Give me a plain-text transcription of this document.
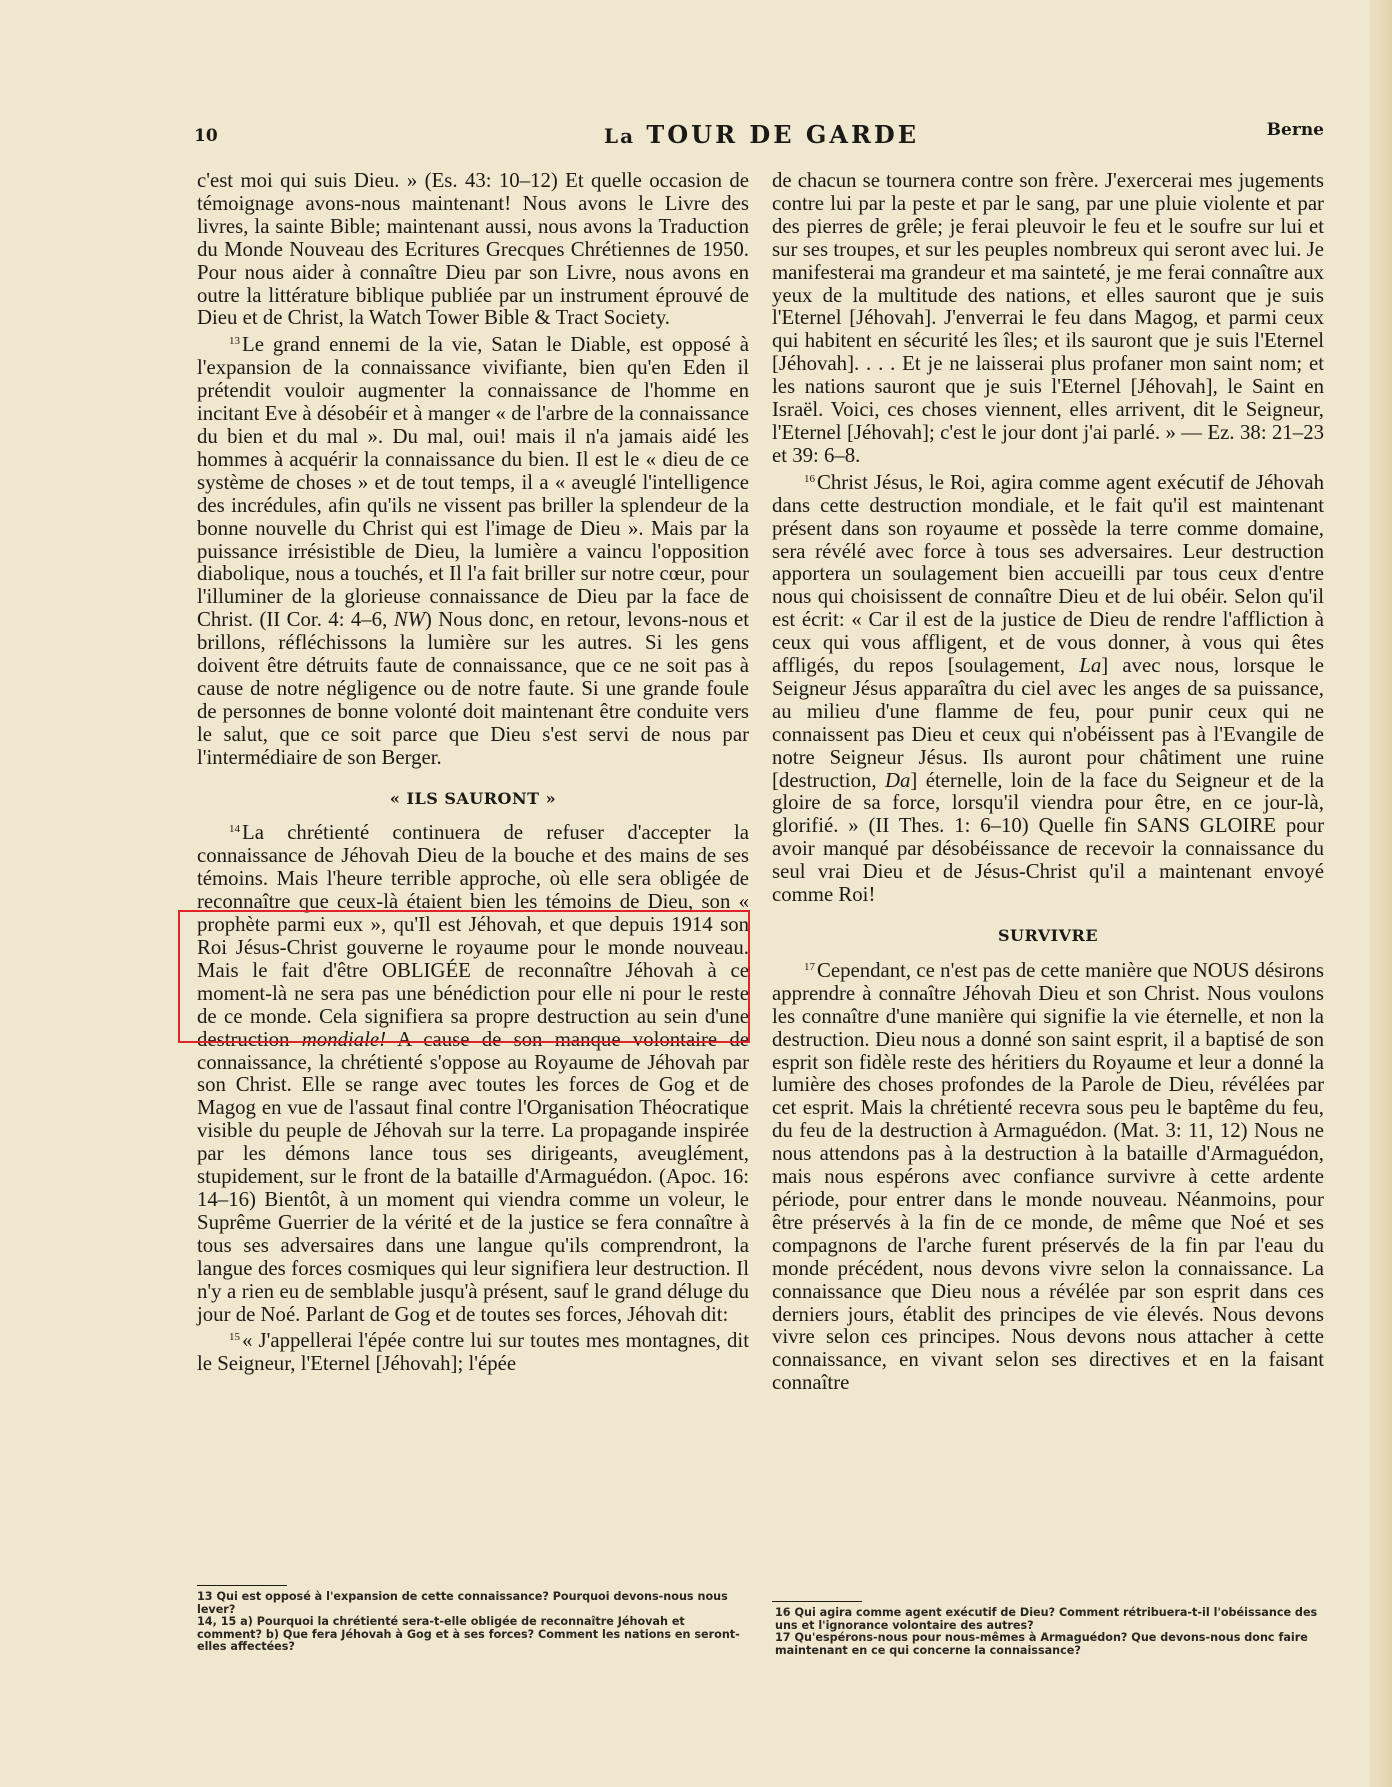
10	La TOUR DE GARDE	Berne

c'est moi qui suis Dieu. » (Es. 43: 10–12) Et quelle occasion de témoignage avons-nous maintenant! Nous avons le Livre des livres, la sainte Bible; maintenant aussi, nous avons la Traduction du Monde Nouveau des Ecritures Grecques Chrétiennes de 1950. Pour nous aider à connaître Dieu par son Livre, nous avons en outre la littérature biblique publiée par un instrument éprouvé de Dieu et de Christ, la Watch Tower Bible & Tract Society.

$^{13}$Le grand ennemi de la vie, Satan le Diable, est opposé à l'expansion de la connaissance vivifiante, bien qu'en Eden il prétendit vouloir augmenter la connaissance de l'homme en incitant Eve à désobéir et à manger « de l'arbre de la connaissance du bien et du mal ». Du mal, oui! mais il n'a jamais aidé les hommes à acquérir la connaissance du bien. Il est le « dieu de ce système de choses » et de tout temps, il a « aveuglé l'intelligence des incrédules, afin qu'ils ne vissent pas briller la splendeur de la bonne nouvelle du Christ qui est l'image de Dieu ». Mais par la puissance irrésistible de Dieu, la lumière a vaincu l'opposition diabolique, nous a touchés, et Il l'a fait briller sur notre cœur, pour l'illuminer de la glorieuse connaissance de Dieu par la face de Christ. (II Cor. 4: 4–6, NW) Nous donc, en retour, levons-nous et brillons, réfléchissons la lumière sur les autres. Si les gens doivent être détruits faute de connaissance, que ce ne soit pas à cause de notre négligence ou de notre faute. Si une grande foule de personnes de bonne volonté doit maintenant être conduite vers le salut, que ce soit parce que Dieu s'est servi de nous par l'intermédiaire de son Berger.

« ILS SAURONT »

$^{14}$La chrétienté continuera de refuser d'accepter la connaissance de Jéhovah Dieu de la bouche et des mains de ses témoins. Mais l'heure terrible approche, où elle sera obligée de reconnaître que ceux-là étaient bien les témoins de Dieu, son « prophète parmi eux », qu'Il est Jéhovah, et que depuis 1914 son Roi Jésus-Christ gouverne le royaume pour le monde nouveau. Mais le fait d'être OBLIGÉE de reconnaître Jéhovah à ce moment-là ne sera pas une bénédiction pour elle ni pour le reste de ce monde. Cela signifiera sa propre destruction au sein d'une destruction mondiale! A cause de son manque volontaire de connaissance, la chrétienté s'oppose au Royaume de Jéhovah par son Christ. Elle se range avec toutes les forces de Gog et de Magog en vue de l'assaut final contre l'Organisation Théocratique visible du peuple de Jéhovah sur la terre. La propagande inspirée par les démons lance tous ses dirigeants, aveuglément, stupidement, sur le front de la bataille d'Armaguédon. (Apoc. 16: 14–16) Bientôt, à un moment qui viendra comme un voleur, le Suprême Guerrier de la vérité et de la justice se fera connaître à tous ses adversaires dans une langue qu'ils comprendront, la langue des forces cosmiques qui leur signifiera leur destruction. Il n'y a rien eu de semblable jusqu'à présent, sauf le grand déluge du jour de Noé. Parlant de Gog et de toutes ses forces, Jéhovah dit:

$^{15}$« J'appellerai l'épée contre lui sur toutes mes montagnes, dit le Seigneur, l'Eternel [Jéhovah]; l'épée

de chacun se tournera contre son frère. J'exercerai mes jugements contre lui par la peste et par le sang, par une pluie violente et par des pierres de grêle; je ferai pleuvoir le feu et le soufre sur lui et sur ses troupes, et sur les peuples nombreux qui seront avec lui. Je manifesterai ma grandeur et ma sainteté, je me ferai connaître aux yeux de la multitude des nations, et elles sauront que je suis l'Eternel [Jéhovah]. J'enverrai le feu dans Magog, et parmi ceux qui habitent en sécurité les îles; et ils sauront que je suis l'Eternel [Jéhovah]. . . . Et je ne laisserai plus profaner mon saint nom; et les nations sauront que je suis l'Eternel [Jéhovah], le Saint en Israël. Voici, ces choses viennent, elles arrivent, dit le Seigneur, l'Eternel [Jéhovah]; c'est le jour dont j'ai parlé. » — Ez. 38: 21–23 et 39: 6–8.

$^{16}$Christ Jésus, le Roi, agira comme agent exécutif de Jéhovah dans cette destruction mondiale, et le fait qu'il est maintenant présent dans son royaume et possède la terre comme domaine, sera révélé avec force à tous ses adversaires. Leur destruction apportera un soulagement bien accueilli par tous ceux d'entre nous qui choisissent de connaître Dieu et de lui obéir. Selon qu'il est écrit: « Car il est de la justice de Dieu de rendre l'affliction à ceux qui vous affligent, et de vous donner, à vous qui êtes affligés, du repos [soulagement, La] avec nous, lorsque le Seigneur Jésus apparaîtra du ciel avec les anges de sa puissance, au milieu d'une flamme de feu, pour punir ceux qui ne connaissent pas Dieu et ceux qui n'obéissent pas à l'Evangile de notre Seigneur Jésus. Ils auront pour châtiment une ruine [destruction, Da] éternelle, loin de la face du Seigneur et de la gloire de sa force, lorsqu'il viendra pour être, en ce jour-là, glorifié. » (II Thes. 1: 6–10) Quelle fin SANS GLOIRE pour avoir manqué par désobéissance de recevoir la connaissance du seul vrai Dieu et de Jésus-Christ qu'il a maintenant envoyé comme Roi!

SURVIVRE

$^{17}$Cependant, ce n'est pas de cette manière que NOUS désirons apprendre à connaître Jéhovah Dieu et son Christ. Nous voulons les connaître d'une manière qui signifie la vie éternelle, et non la destruction. Dieu nous a donné son saint esprit, il a baptisé de son esprit son fidèle reste des héritiers du Royaume et leur a donné la lumière des choses profondes de la Parole de Dieu, révélées par cet esprit. Mais la chrétienté recevra sous peu le baptême du feu, du feu de la destruction à Armaguédon. (Mat. 3: 11, 12) Nous ne nous attendons pas à la destruction à la bataille d'Armaguédon, mais nous espérons avec confiance survivre à cette ardente période, pour entrer dans le monde nouveau. Néanmoins, pour être préservés à la fin de ce monde, de même que Noé et ses compagnons de l'arche furent préservés de la fin par l'eau du monde précédent, nous devons vivre selon la connaissance. La connaissance que Dieu nous a révélée par son esprit dans ces derniers jours, établit des principes de vie élevés. Nous devons vivre selon ces principes. Nous devons nous attacher à cette connaissance, en vivant selon ses directives et en la faisant connaître

13 Qui est opposé à l'expansion de cette connaissance? Pourquoi devons-nous nous lever?

14, 15 a) Pourquoi la chrétienté sera-t-elle obligée de reconnaître Jéhovah et comment? b) Que fera Jéhovah à Gog et à ses forces? Comment les nations en seront-elles affectées?

16 Qui agira comme agent exécutif de Dieu? Comment rétribuera-t-il l'obéissance des uns et l'ignorance volontaire des autres?

17 Qu'espérons-nous pour nous-mêmes à Armaguédon? Que devons-nous donc faire maintenant en ce qui concerne la connaissance?
